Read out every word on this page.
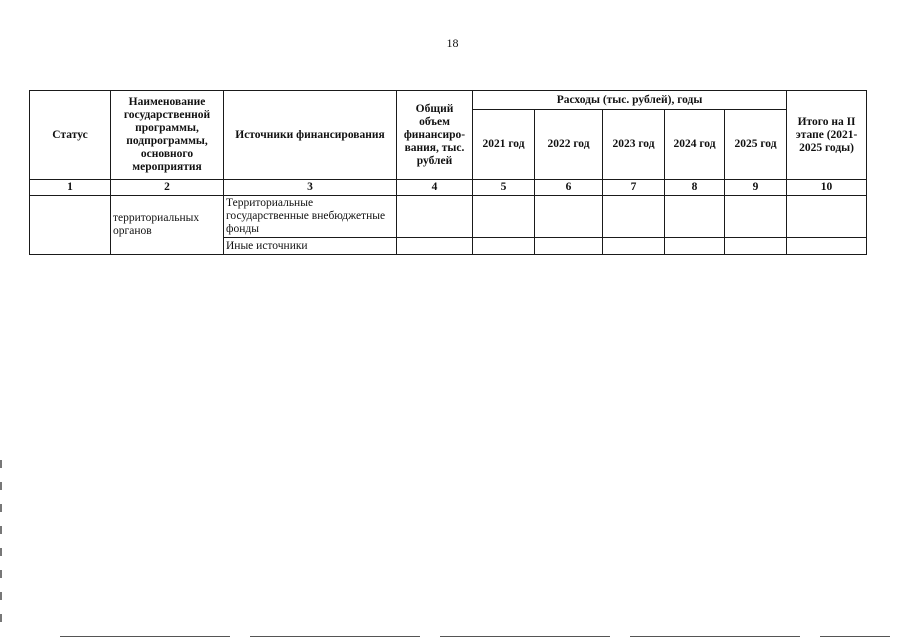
18
Статус	Наименование государственной программы, подпрограммы, основного мероприятия	Источники финансирования	Общий объем финансиро-вания, тыс. рублей	Расходы (тыс. рублей), годы					Итого на II этапе (2021-2025 годы)
				2021 год	2022 год	2023 год	2024 год	2025 год	
1	2	3	4	5	6	7	8	9	10
	территориальных органов	Территориальные государственные внебюджетные фонды							
		Иные источники							
